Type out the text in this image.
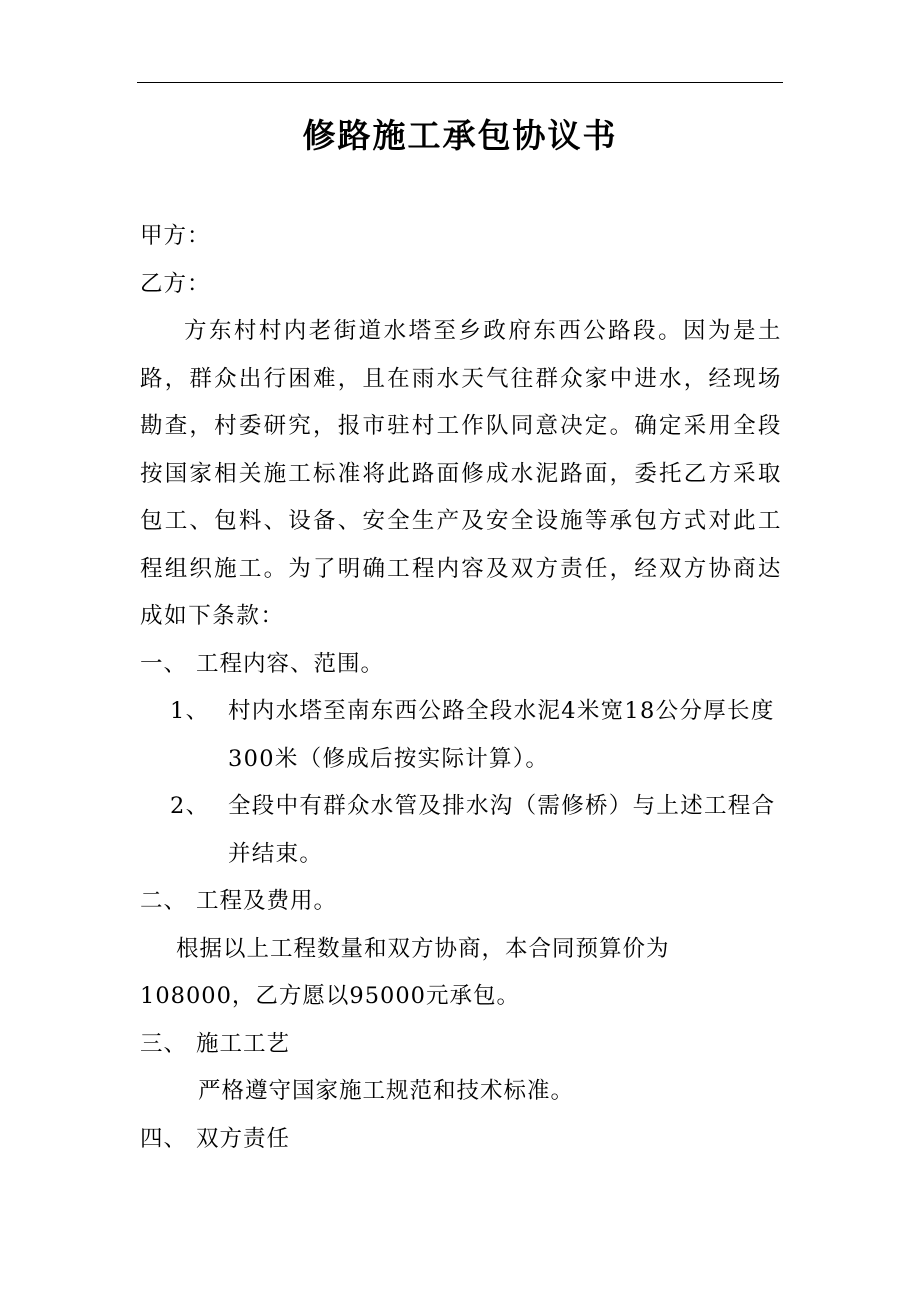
修路施工承包协议书

甲方：

乙方：

方东村村内老街道水塔至乡政府东西公路段。因为是土路，群众出行困难，且在雨水天气往群众家中进水，经现场勘查，村委研究，报市驻村工作队同意决定。确定采用全段按国家相关施工标准将此路面修成水泥路面，委托乙方采取包工、包料、设备、安全生产及安全设施等承包方式对此工程组织施工。为了明确工程内容及双方责任，经双方协商达成如下条款：

一、 工程内容、范围。

1、 村内水塔至南东西公路全段水泥4米宽18公分厚长度300米（修成后按实际计算）。

2、 全段中有群众水管及排水沟（需修桥）与上述工程合并结束。

二、 工程及费用。

根据以上工程数量和双方协商，本合同预算价为108000，乙方愿以95000元承包。

三、 施工工艺

严格遵守国家施工规范和技术标准。

四、 双方责任
